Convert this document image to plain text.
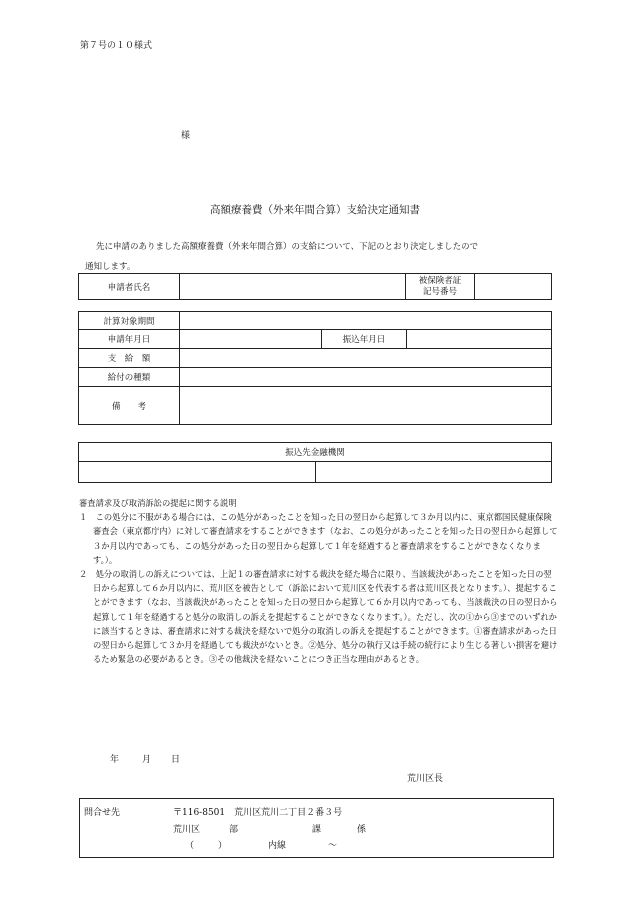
第７号の１０様式
様
高額療養費（外来年間合算）支給決定通知書
先に申請のありました高額療養費（外来年間合算）の支給について、下記のとおり決定しましたので
通知します。
申請者氏名		被保険者証
記号番号	
計算対象期間			
申請年月日		振込年月日	
支　給　額			
給付の種類			
備　　考			
振込先金融機関

審査請求及び取消訴訟の提起に関する説明

１　この処分に不服がある場合には、この処分があったことを知った日の翌日から起算して３か月以内に、東京都国民健康保険審査会（東京都庁内）に対して審査請求をすることができます（なお、この処分があったことを知った日の翌日から起算して３か月以内であっても、この処分があった日の翌日から起算して１年を経過すると審査請求をすることができなくなります。）。

２　処分の取消しの訴えについては、上記１の審査請求に対する裁決を経た場合に限り、当該裁決があったことを知った日の翌日から起算して６か月以内に、荒川区を被告として（訴訟において荒川区を代表する者は荒川区長となります。）、提起することができます（なお、当該裁決があったことを知った日の翌日から起算して６か月以内であっても、当該裁決の日の翌日から起算して１年を経過すると処分の取消しの訴えを提起することができなくなります。）。ただし、次の①から③までのいずれかに該当するときは、審査請求に対する裁決を経ないで処分の取消しの訴えを提起することができます。①審査請求があった日の翌日から起算して３か月を経過しても裁決がないとき。②処分、処分の執行又は手続の続行により生じる著しい損害を避けるため緊急の必要があるとき。③その他裁決を経ないことにつき正当な理由があるとき。

年	月 日
荒川区長
問合せ先	〒116-8501　荒川区荒川二丁目２番３号
荒川区	部	課	係
（	）	内線	～
